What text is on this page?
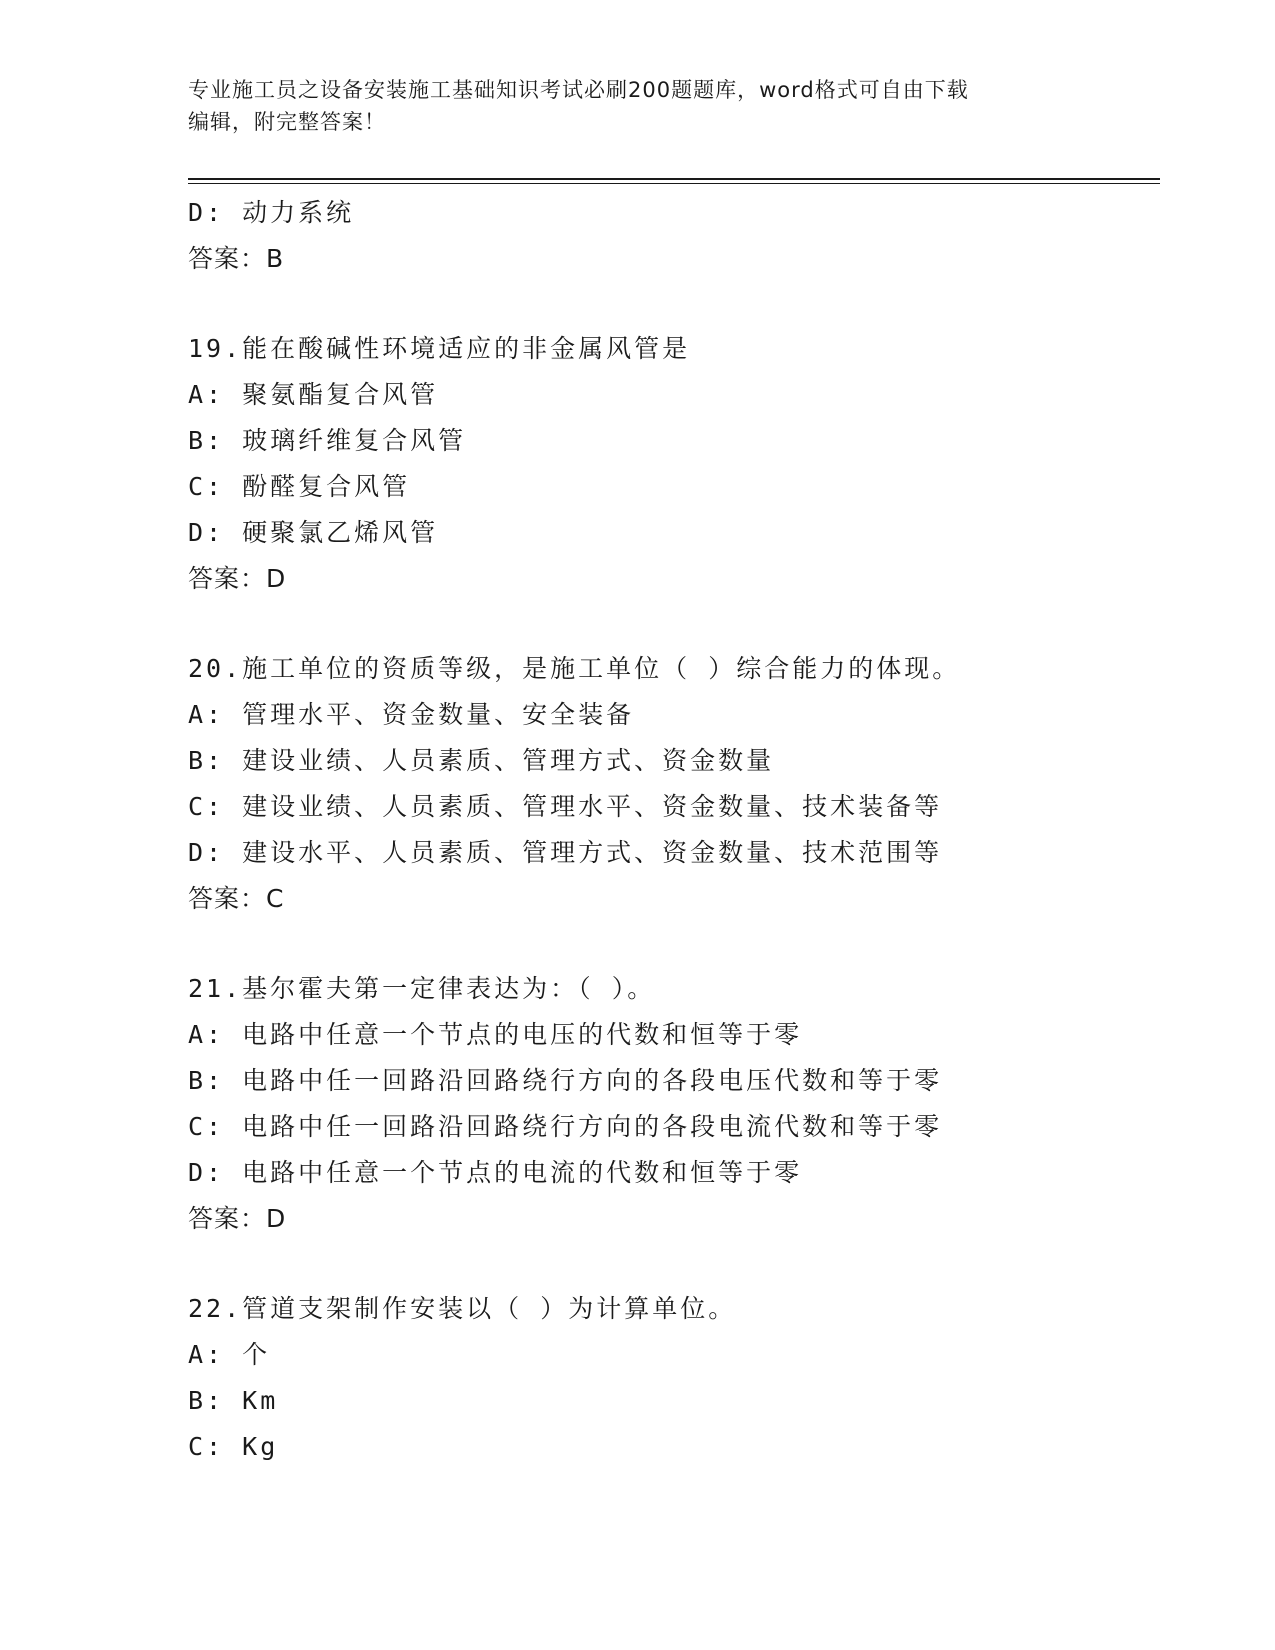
专业施工员之设备安装施工基础知识考试必刷200题题库，word格式可自由下载
编辑，附完整答案！
D: 动力系统
答案：B
19.能在酸碱性环境适应的非金属风管是
A: 聚氨酯复合风管
B: 玻璃纤维复合风管
C: 酚醛复合风管
D: 硬聚氯乙烯风管
答案：D
20.施工单位的资质等级，是施工单位（ ）综合能力的体现。
A: 管理水平、资金数量、安全装备
B: 建设业绩、人员素质、管理方式、资金数量
C: 建设业绩、人员素质、管理水平、资金数量、技术装备等
D: 建设水平、人员素质、管理方式、资金数量、技术范围等
答案：C
21.基尔霍夫第一定律表达为：（ ）。
A: 电路中任意一个节点的电压的代数和恒等于零
B: 电路中任一回路沿回路绕行方向的各段电压代数和等于零
C: 电路中任一回路沿回路绕行方向的各段电流代数和等于零
D: 电路中任意一个节点的电流的代数和恒等于零
答案：D
22.管道支架制作安装以（ ）为计算单位。
A: 个
B: Km
C: Kg
